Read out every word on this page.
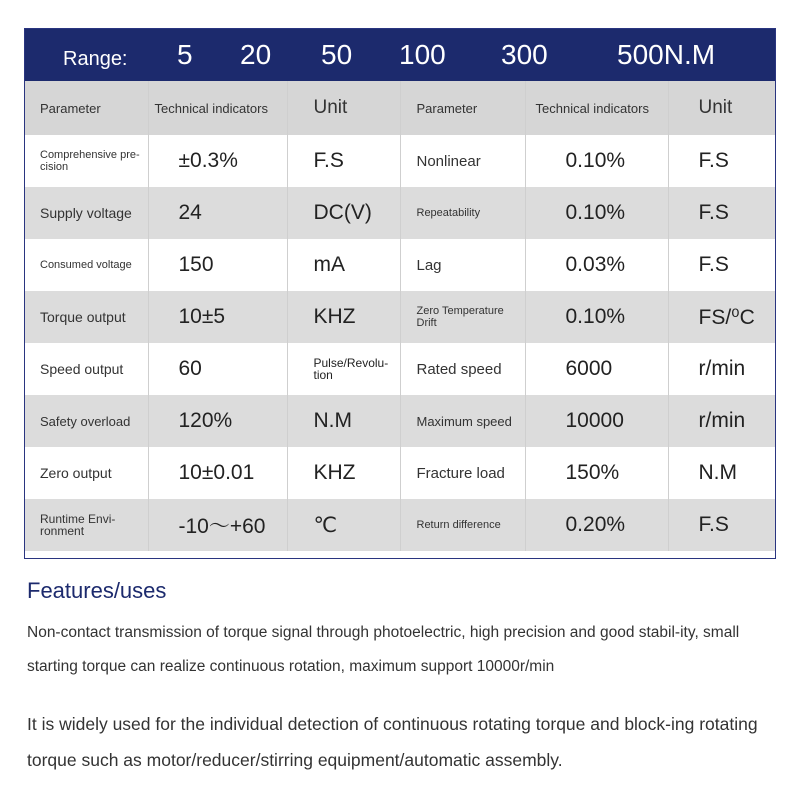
Range: 5 20 50 100 300 500N.M
Parameter	Technical indicators	Unit	Parameter	Technical indicators	Unit
Comprehensive pre-cision	±0.3%	F.S	Nonlinear	0.10%	F.S
Supply voltage	24	DC(V)	Repeatability	0.10%	F.S
Consumed voltage	150	mA	Lag	0.03%	F.S
Torque output	10±5	KHZ	Zero Temperature Drift	0.10%	FS/⁰C
Speed output	60	Pulse/Revolu-tion	Rated speed	6000	r/min
Safety overload	120%	N.M	Maximum speed	10000	r/min
Zero output	10±0.01	KHZ	Fracture load	150%	N.M
Runtime Envi-ronment	-10～+60	℃	Return difference	0.20%	F.S
Features/uses

Non-contact transmission of torque signal through photoelectric, high precision and good stabil-ity, small starting torque can realize continuous rotation, maximum support 10000r/min

It is widely used for the individual detection of continuous rotating torque and block-ing rotating torque such as motor/reducer/stirring equipment/automatic assembly.
